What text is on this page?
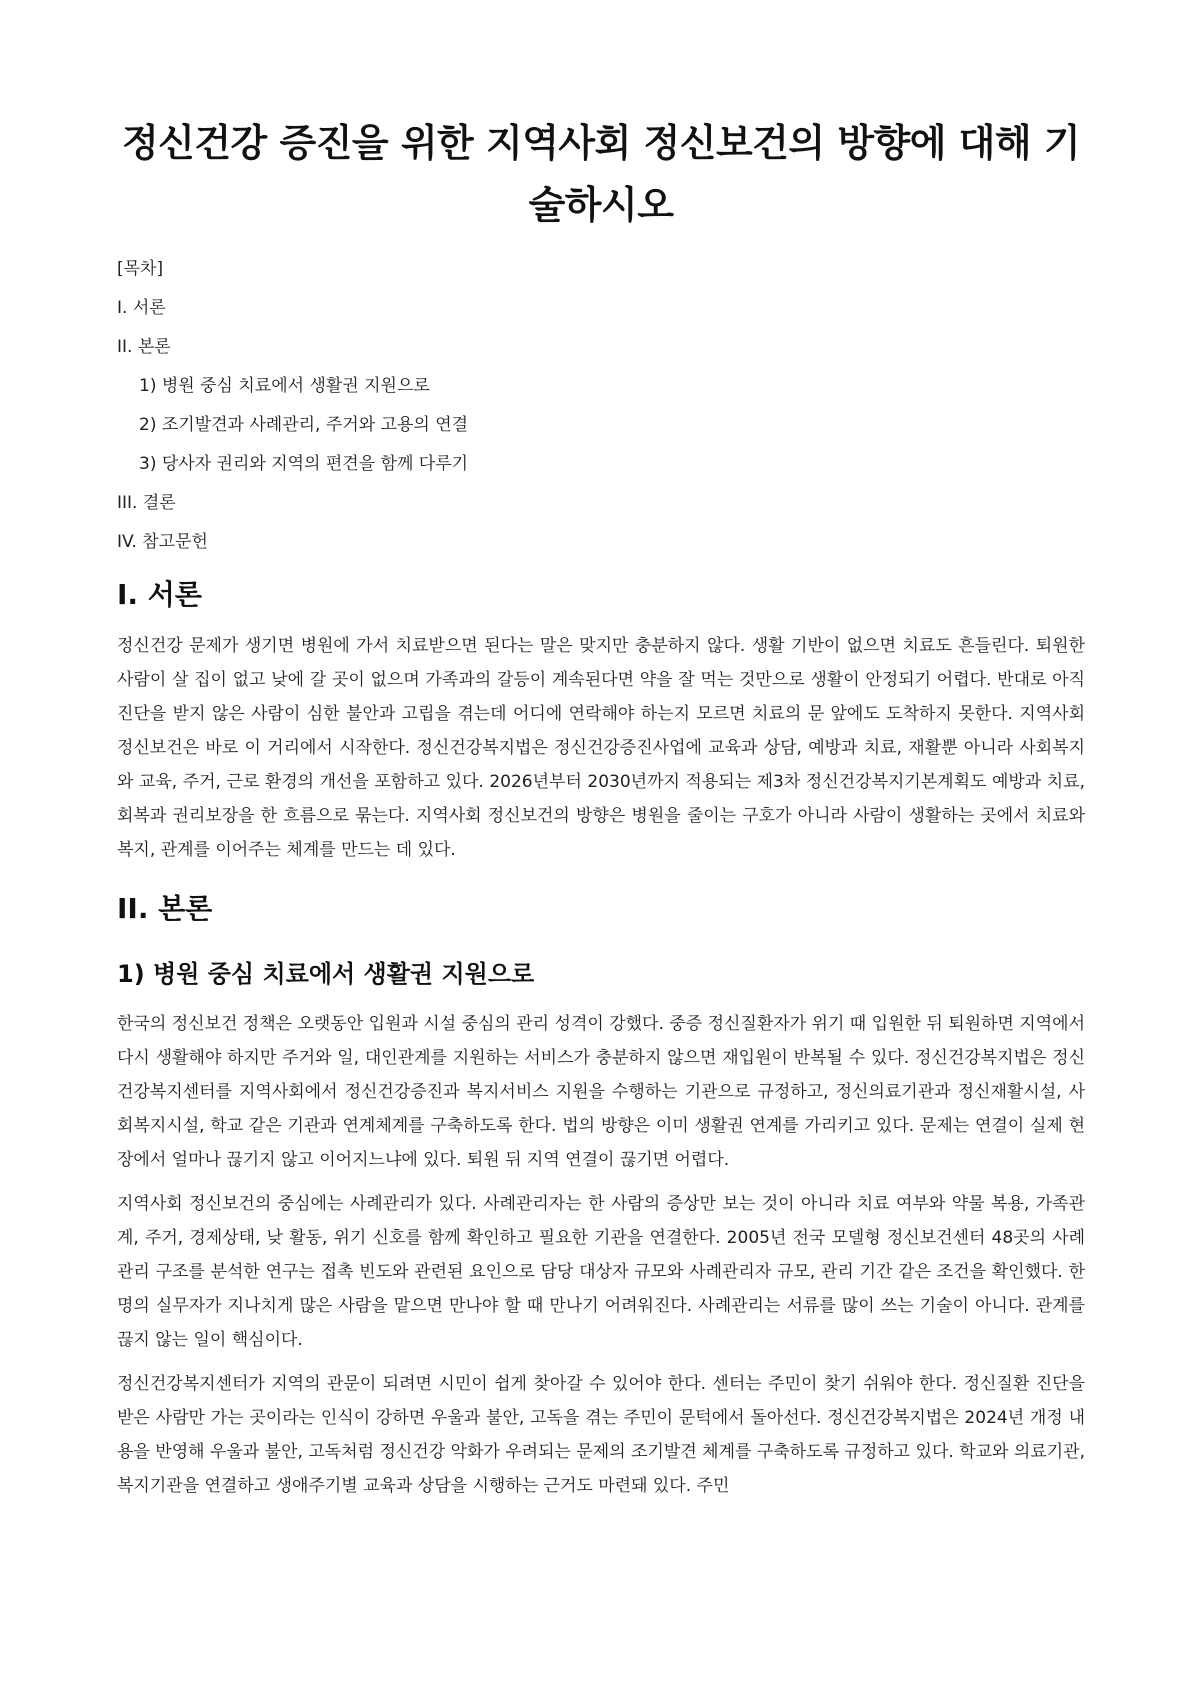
정신건강 증진을 위한 지역사회 정신보건의 방향에 대해 기술하시오
[목차]
I. 서론
II. 본론
1) 병원 중심 치료에서 생활권 지원으로
2) 조기발견과 사례관리, 주거와 고용의 연결
3) 당사자 권리와 지역의 편견을 함께 다루기
III. 결론
IV. 참고문헌
I. 서론

정신건강 문제가 생기면 병원에 가서 치료받으면 된다는 말은 맞지만 충분하지 않다. 생활 기반이 없으면 치료도 흔들린다. 퇴원한 사람이 살 집이 없고 낮에 갈 곳이 없으며 가족과의 갈등이 계속된다면 약을 잘 먹는 것만으로 생활이 안정되기 어렵다. 반대로 아직 진단을 받지 않은 사람이 심한 불안과 고립을 겪는데 어디에 연락해야 하는지 모르면 치료의 문 앞에도 도착하지 못한다. 지역사회 정신보건은 바로 이 거리에서 시작한다. 정신건강복지법은 정신건강증진사업에 교육과 상담, 예방과 치료, 재활뿐 아니라 사회복지와 교육, 주거, 근로 환경의 개선을 포함하고 있다. 2026년부터 2030년까지 적용되는 제3차 정신건강복지기본계획도 예방과 치료, 회복과 권리보장을 한 흐름으로 묶는다. 지역사회 정신보건의 방향은 병원을 줄이는 구호가 아니라 사람이 생활하는 곳에서 치료와 복지, 관계를 이어주는 체계를 만드는 데 있다.

II. 본론
1) 병원 중심 치료에서 생활권 지원으로

한국의 정신보건 정책은 오랫동안 입원과 시설 중심의 관리 성격이 강했다. 중증 정신질환자가 위기 때 입원한 뒤 퇴원하면 지역에서 다시 생활해야 하지만 주거와 일, 대인관계를 지원하는 서비스가 충분하지 않으면 재입원이 반복될 수 있다. 정신건강복지법은 정신건강복지센터를 지역사회에서 정신건강증진과 복지서비스 지원을 수행하는 기관으로 규정하고, 정신의료기관과 정신재활시설, 사회복지시설, 학교 같은 기관과 연계체계를 구축하도록 한다. 법의 방향은 이미 생활권 연계를 가리키고 있다. 문제는 연결이 실제 현장에서 얼마나 끊기지 않고 이어지느냐에 있다. 퇴원 뒤 지역 연결이 끊기면 어렵다.

지역사회 정신보건의 중심에는 사례관리가 있다. 사례관리자는 한 사람의 증상만 보는 것이 아니라 치료 여부와 약물 복용, 가족관계, 주거, 경제상태, 낮 활동, 위기 신호를 함께 확인하고 필요한 기관을 연결한다. 2005년 전국 모델형 정신보건센터 48곳의 사례관리 구조를 분석한 연구는 접촉 빈도와 관련된 요인으로 담당 대상자 규모와 사례관리자 규모, 관리 기간 같은 조건을 확인했다. 한 명의 실무자가 지나치게 많은 사람을 맡으면 만나야 할 때 만나기 어려워진다. 사례관리는 서류를 많이 쓰는 기술이 아니다. 관계를 끊지 않는 일이 핵심이다.

정신건강복지센터가 지역의 관문이 되려면 시민이 쉽게 찾아갈 수 있어야 한다. 센터는 주민이 찾기 쉬워야 한다. 정신질환 진단을 받은 사람만 가는 곳이라는 인식이 강하면 우울과 불안, 고독을 겪는 주민이 문턱에서 돌아선다. 정신건강복지법은 2024년 개정 내용을 반영해 우울과 불안, 고독처럼 정신건강 악화가 우려되는 문제의 조기발견 체계를 구축하도록 규정하고 있다. 학교와 의료기관, 복지기관을 연결하고 생애주기별 교육과 상담을 시행하는 근거도 마련돼 있다. 주민
